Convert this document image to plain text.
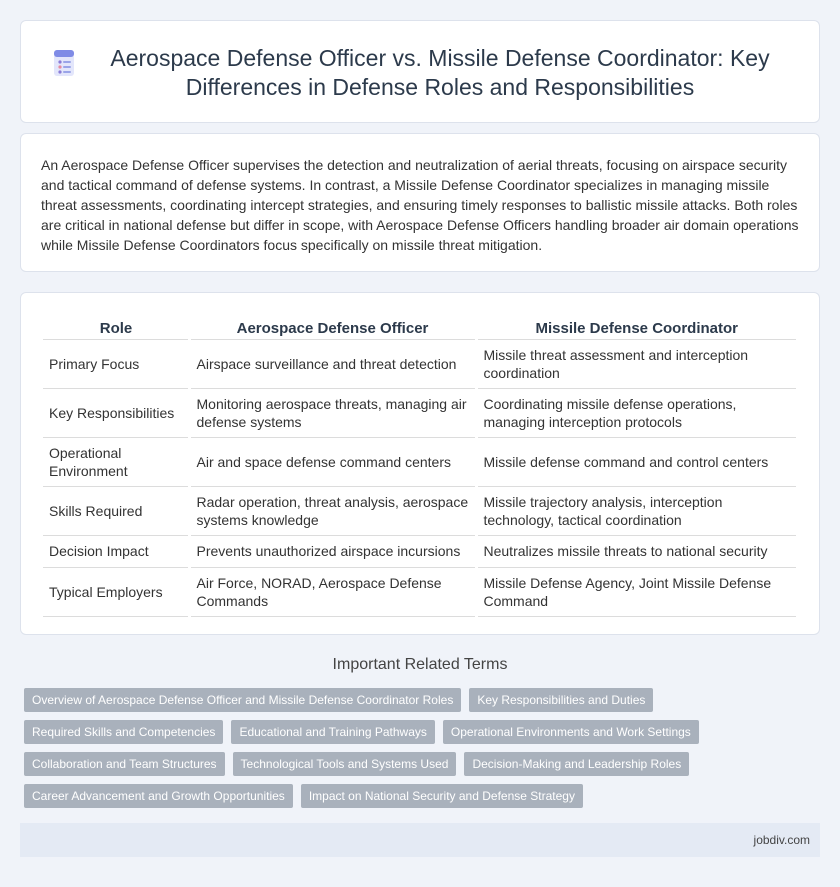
Aerospace Defense Officer vs. Missile Defense Coordinator: Key Differences in Defense Roles and Responsibilities

An Aerospace Defense Officer supervises the detection and neutralization of aerial threats, focusing on airspace security and tactical command of defense systems. In contrast, a Missile Defense Coordinator specializes in managing missile threat assessments, coordinating intercept strategies, and ensuring timely responses to ballistic missile attacks. Both roles are critical in national defense but differ in scope, with Aerospace Defense Officers handling broader air domain operations while Missile Defense Coordinators focus specifically on missile threat mitigation.

Role	Aerospace Defense Officer	Missile Defense Coordinator
Primary Focus	Airspace surveillance and threat detection	Missile threat assessment and interception coordination
Key Responsibilities	Monitoring aerospace threats, managing air defense systems	Coordinating missile defense operations, managing interception protocols
Operational Environment	Air and space defense command centers	Missile defense command and control centers
Skills Required	Radar operation, threat analysis, aerospace systems knowledge	Missile trajectory analysis, interception technology, tactical coordination
Decision Impact	Prevents unauthorized airspace incursions	Neutralizes missile threats to national security
Typical Employers	Air Force, NORAD, Aerospace Defense Commands	Missile Defense Agency, Joint Missile Defense Command
Important Related Terms
Overview of Aerospace Defense Officer and Missile Defense Coordinator Roles	Key Responsibilities and Duties
Required Skills and Competencies	Educational and Training Pathways	Operational Environments and Work Settings
Collaboration and Team Structures	Technological Tools and Systems Used	Decision-Making and Leadership Roles
Career Advancement and Growth Opportunities	Impact on National Security and Defense Strategy
jobdiv.com
